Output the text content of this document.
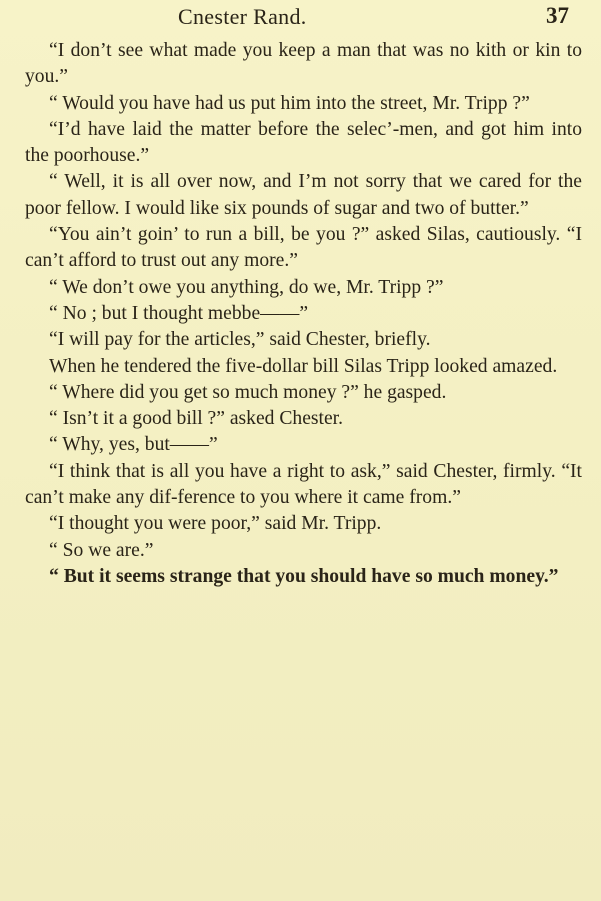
Cnester Rand.	37

“I don’t see what made you keep a man that was no kith or kin to you.”

“ Would you have had us put him into the street, Mr. Tripp ?”

“I’d have laid the matter before the selec’-men, and got him into the poorhouse.”

“ Well, it is all over now, and I’m not sorry that we cared for the poor fellow. I would like six pounds of sugar and two of butter.”

“You ain’t goin’ to run a bill, be you ?” asked Silas, cautiously. “I can’t afford to trust out any more.”

“ We don’t owe you anything, do we, Mr. Tripp ?”

“ No ; but I thought mebbe——”

“I will pay for the articles,” said Chester, briefly.

When he tendered the five-dollar bill Silas Tripp looked amazed.

“ Where did you get so much money ?” he gasped.

“ Isn’t it a good bill ?” asked Chester.

“ Why, yes, but——”

“I think that is all you have a right to ask,” said Chester, firmly. “It can’t make any dif-ference to you where it came from.”

“I thought you were poor,” said Mr. Tripp.

“ So we are.”

“ But it seems strange that you should have so much money.”
